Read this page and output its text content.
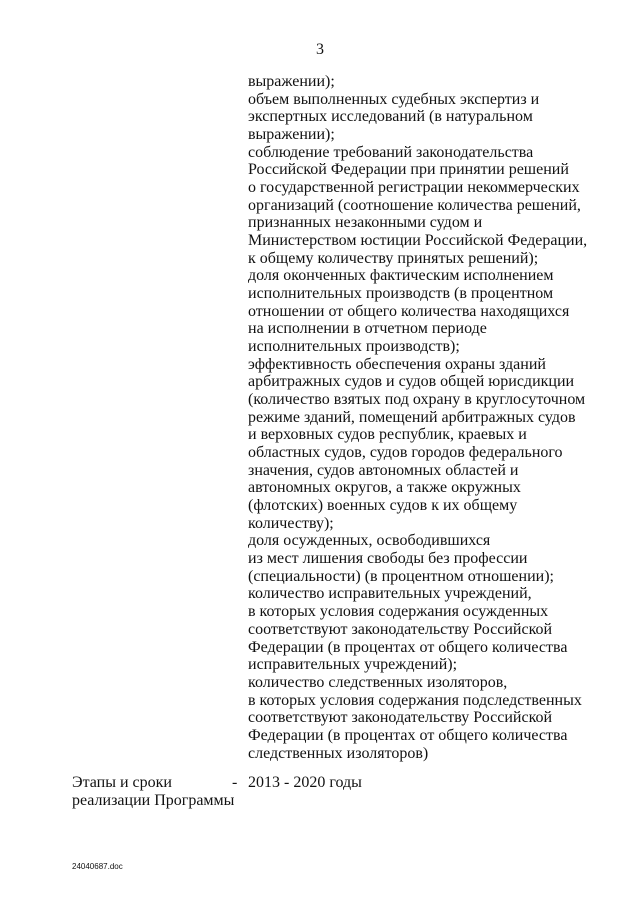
3
выражении);
объем выполненных судебных экспертиз и
экспертных исследований (в натуральном
выражении);
соблюдение требований законодательства
Российской Федерации при принятии решений
о государственной регистрации некоммерческих
организаций (соотношение количества решений,
признанных незаконными судом и
Министерством юстиции Российской Федерации,
к общему количеству принятых решений);
доля оконченных фактическим исполнением
исполнительных производств (в процентном
отношении от общего количества находящихся
на исполнении в отчетном периоде
исполнительных производств);
эффективность обеспечения охраны зданий
арбитражных судов и судов общей юрисдикции
(количество взятых под охрану в круглосуточном
режиме зданий, помещений арбитражных судов
и верховных судов республик, краевых и
областных судов, судов городов федерального
значения, судов автономных областей и
автономных округов, а также окружных
(флотских) военных судов к их общему
количеству);
доля осужденных, освободившихся
из мест лишения свободы без профессии
(специальности) (в процентном отношении);
количество исправительных учреждений,
в которых условия содержания осужденных
соответствуют законодательству Российской
Федерации (в процентах от общего количества
исправительных учреждений);
количество следственных изоляторов,
в которых условия содержания подследственных
соответствуют законодательству Российской
Федерации (в процентах от общего количества
следственных изоляторов)
Этапы и сроки
реализации Программы
- 2013 - 2020 годы
24040687.doc
